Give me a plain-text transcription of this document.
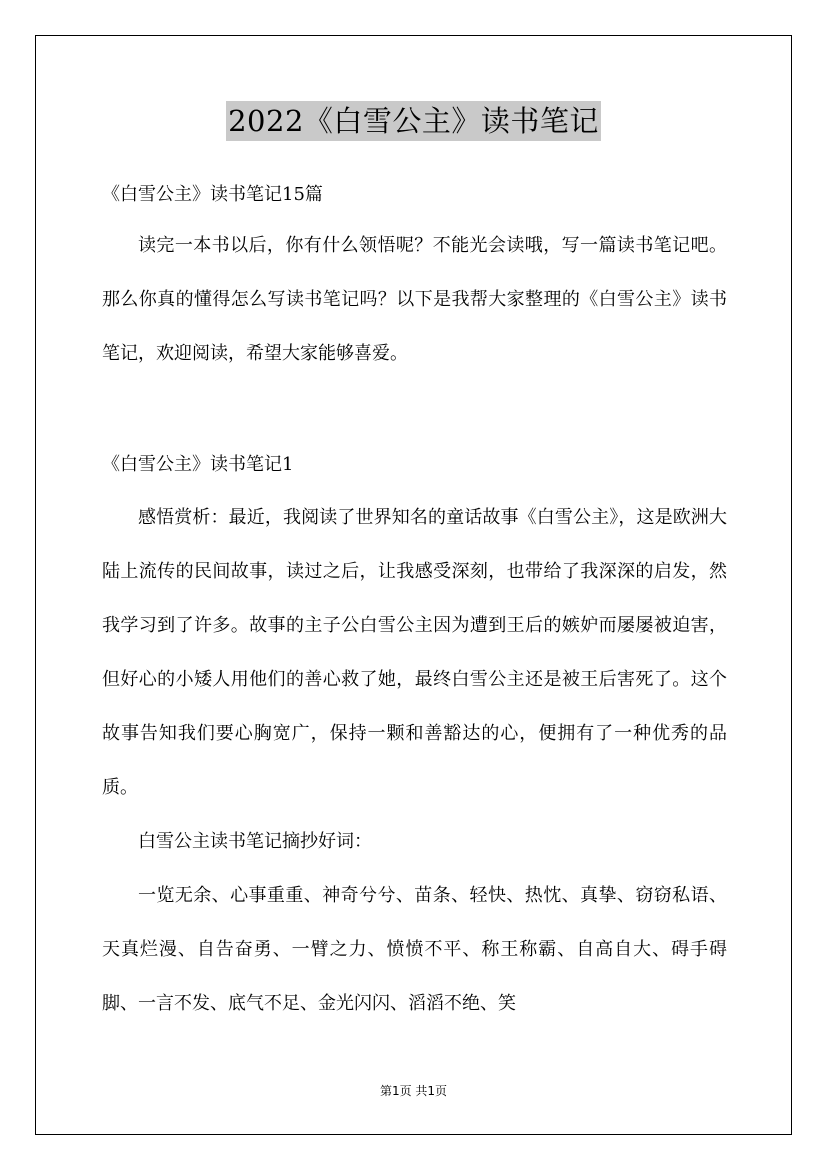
2022《白雪公主》读书笔记
《白雪公主》读书笔记15篇
读完一本书以后，你有什么领悟呢？不能光会读哦，写一篇读书笔记吧。那么你真的懂得怎么写读书笔记吗？以下是我帮大家整理的《白雪公主》读书笔记，欢迎阅读，希望大家能够喜爱。
《白雪公主》读书笔记1
感悟赏析：最近，我阅读了世界知名的童话故事《白雪公主》，这是欧洲大陆上流传的民间故事，读过之后，让我感受深刻，也带给了我深深的启发，然我学习到了许多。故事的主子公白雪公主因为遭到王后的嫉妒而屡屡被迫害，但好心的小矮人用他们的善心救了她，最终白雪公主还是被王后害死了。这个故事告知我们要心胸宽广，保持一颗和善豁达的心，便拥有了一种优秀的品质。
白雪公主读书笔记摘抄好词：
一览无余、心事重重、神奇兮兮、苗条、轻快、热忱、真挚、窃窃私语、天真烂漫、自告奋勇、一臂之力、愤愤不平、称王称霸、自高自大、碍手碍脚、一言不发、底气不足、金光闪闪、滔滔不绝、笑
第1页 共1页
